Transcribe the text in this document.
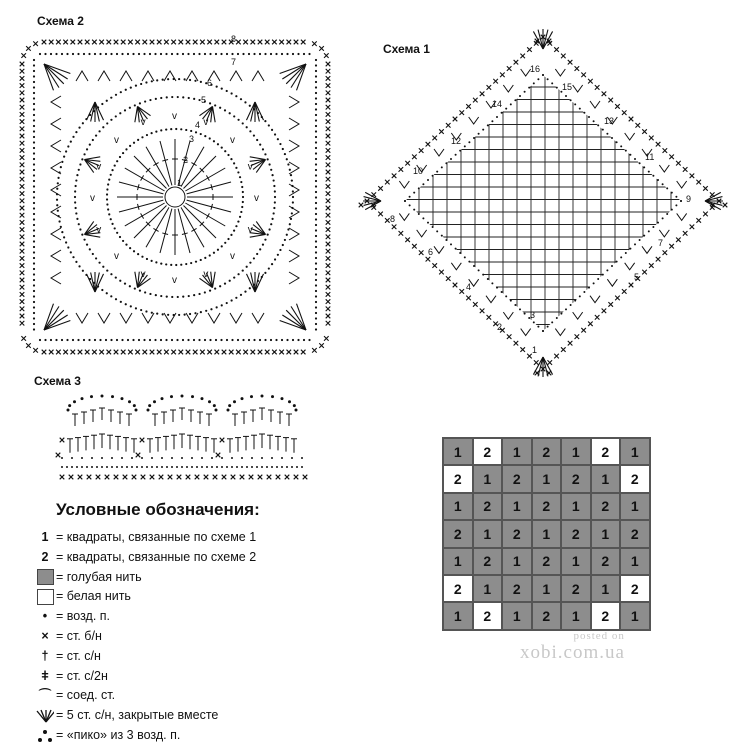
Схема 2
Схема 1
Схема 3
v
v
v
v
v
v
v
v
v
v
v
v
v
v
v
v
1
2
3
4
5
6
7
8
1
2
3
4
5
6
7
8
9
10
11
12
13
14
15
16
Условные обозначения:
1 = квадраты, связанные по схеме 1
2 = квадраты, связанные по схеме 2
= голубая нить
= белая нить
• = возд. п.
× = ст. б/н
† = ст. с/н
ǂ = ст. с/2н
⌒ = соед. ст.
= 5 ст. с/н, закрытые вместе
= «пико» из 3 возд. п.
1	2	1	2	1	2	1
2	1	2	1	2	1	2
1	2	1	2	1	2	1
2	1	2	1	2	1	2
1	2	1	2	1	2	1
2	1	2	1	2	1	2
1	2	1	2	1	2	1
posted on
xobi.com.ua
